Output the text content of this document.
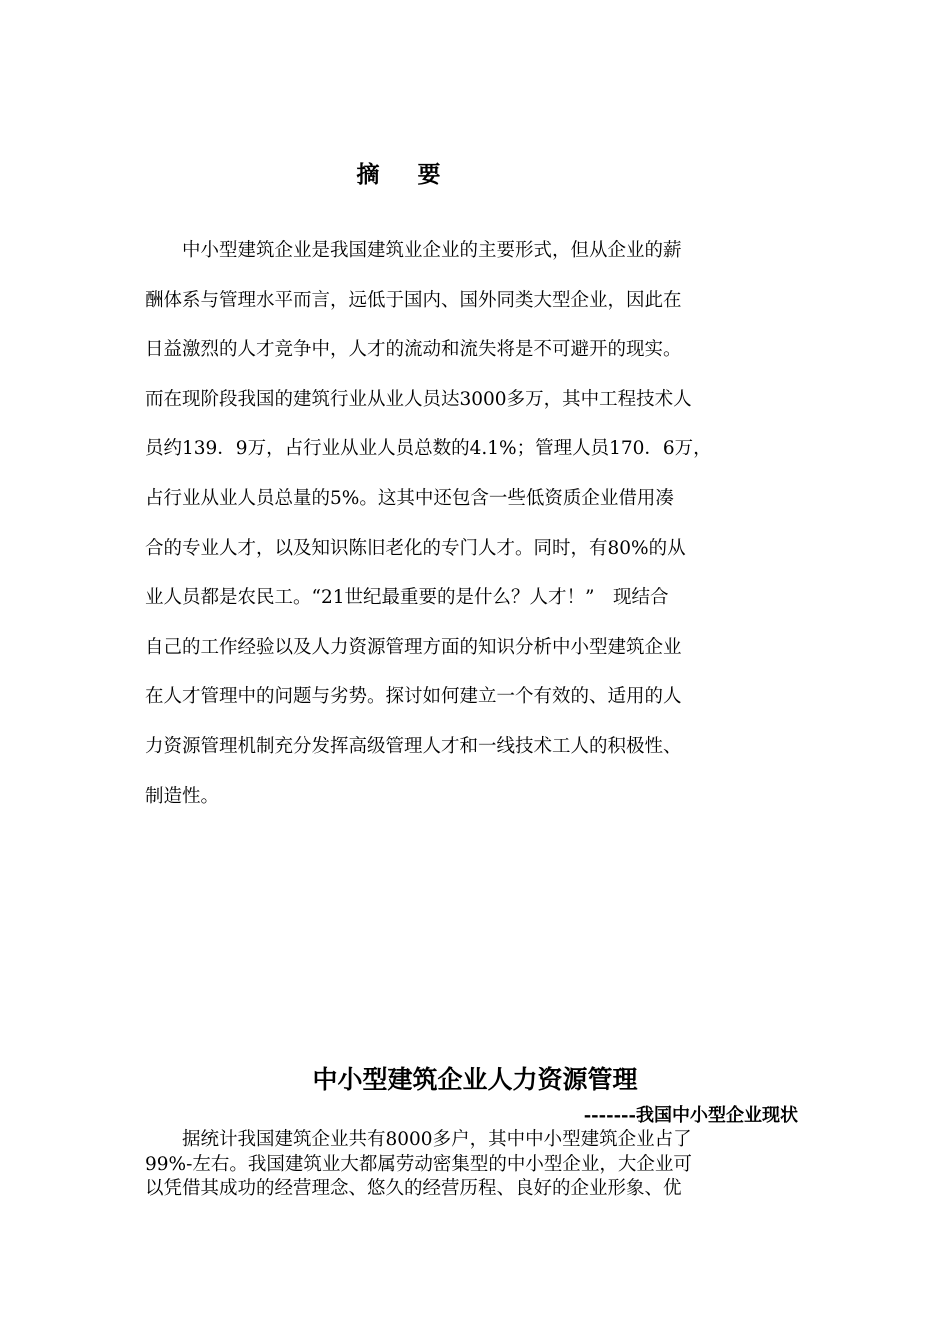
摘要
　　中小型建筑企业是我国建筑业企业的主要形式，但从企业的薪
酬体系与管理水平而言，远低于国内、国外同类大型企业，因此在
日益激烈的人才竞争中，人才的流动和流失将是不可避开的现实。
而在现阶段我国的建筑行业从业人员达3000多万，其中工程技术人
员约139．9万，占行业从业人员总数的4.1%；管理人员170．6万，
占行业从业人员总量的5%。这其中还包含一些低资质企业借用凑
合的专业人才，以及知识陈旧老化的专门人才。同时，有80%的从
业人员都是农民工。“21世纪最重要的是什么？人才！”　现结合
自己的工作经验以及人力资源管理方面的知识分析中小型建筑企业
在人才管理中的问题与劣势。探讨如何建立一个有效的、适用的人
力资源管理机制充分发挥高级管理人才和一线技术工人的积极性、
制造性。
中小型建筑企业人力资源管理
-------我国中小型企业现状
　　据统计我国建筑企业共有8000多户，其中中小型建筑企业占了
99%-左右。我国建筑业大都属劳动密集型的中小型企业，大企业可
以凭借其成功的经营理念、悠久的经营历程、良好的企业形象、优
